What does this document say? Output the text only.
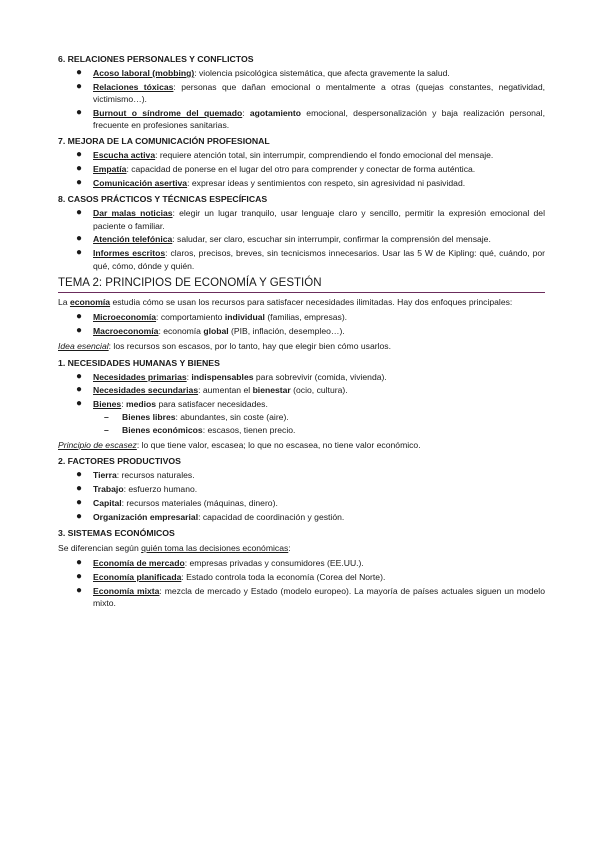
6. RELACIONES PERSONALES Y CONFLICTOS
● Acoso laboral (mobbing): violencia psicológica sistemática, que afecta gravemente la salud.
● Relaciones tóxicas: personas que dañan emocional o mentalmente a otras (quejas constantes, negatividad, victimismo…).
● Burnout o síndrome del quemado: agotamiento emocional, despersonalización y baja realización personal, frecuente en profesiones sanitarias.
7. MEJORA DE LA COMUNICACIÓN PROFESIONAL
● Escucha activa: requiere atención total, sin interrumpir, comprendiendo el fondo emocional del mensaje.
● Empatía: capacidad de ponerse en el lugar del otro para comprender y conectar de forma auténtica.
● Comunicación asertiva: expresar ideas y sentimientos con respeto, sin agresividad ni pasividad.
8. CASOS PRÁCTICOS Y TÉCNICAS ESPECÍFICAS
● Dar malas noticias: elegir un lugar tranquilo, usar lenguaje claro y sencillo, permitir la expresión emocional del paciente o familiar.
● Atención telefónica: saludar, ser claro, escuchar sin interrumpir, confirmar la comprensión del mensaje.
● Informes escritos: claros, precisos, breves, sin tecnicismos innecesarios. Usar las 5 W de Kipling: qué, cuándo, por qué, cómo, dónde y quién.
TEMA 2: PRINCIPIOS DE ECONOMÍA Y GESTIÓN

La economía estudia cómo se usan los recursos para satisfacer necesidades ilimitadas. Hay dos enfoques principales:

● Microeconomía: comportamiento individual (familias, empresas).
● Macroeconomía: economía global (PIB, inflación, desempleo…).

Idea esencial: los recursos son escasos, por lo tanto, hay que elegir bien cómo usarlos.

1. NECESIDADES HUMANAS Y BIENES
● Necesidades primarias: indispensables para sobrevivir (comida, vivienda).
● Necesidades secundarias: aumentan el bienestar (ocio, cultura).
● Bienes: medios para satisfacer necesidades.
– Bienes libres: abundantes, sin coste (aire).
– Bienes económicos: escasos, tienen precio.

Principio de escasez: lo que tiene valor, escasea; lo que no escasea, no tiene valor económico.

2. FACTORES PRODUCTIVOS
● Tierra: recursos naturales.
● Trabajo: esfuerzo humano.
● Capital: recursos materiales (máquinas, dinero).
● Organización empresarial: capacidad de coordinación y gestión.
3. SISTEMAS ECONÓMICOS

Se diferencian según quién toma las decisiones económicas:

● Economía de mercado: empresas privadas y consumidores (EE.UU.).
● Economía planificada: Estado controla toda la economía (Corea del Norte).
● Economía mixta: mezcla de mercado y Estado (modelo europeo). La mayoría de países actuales siguen un modelo mixto.
